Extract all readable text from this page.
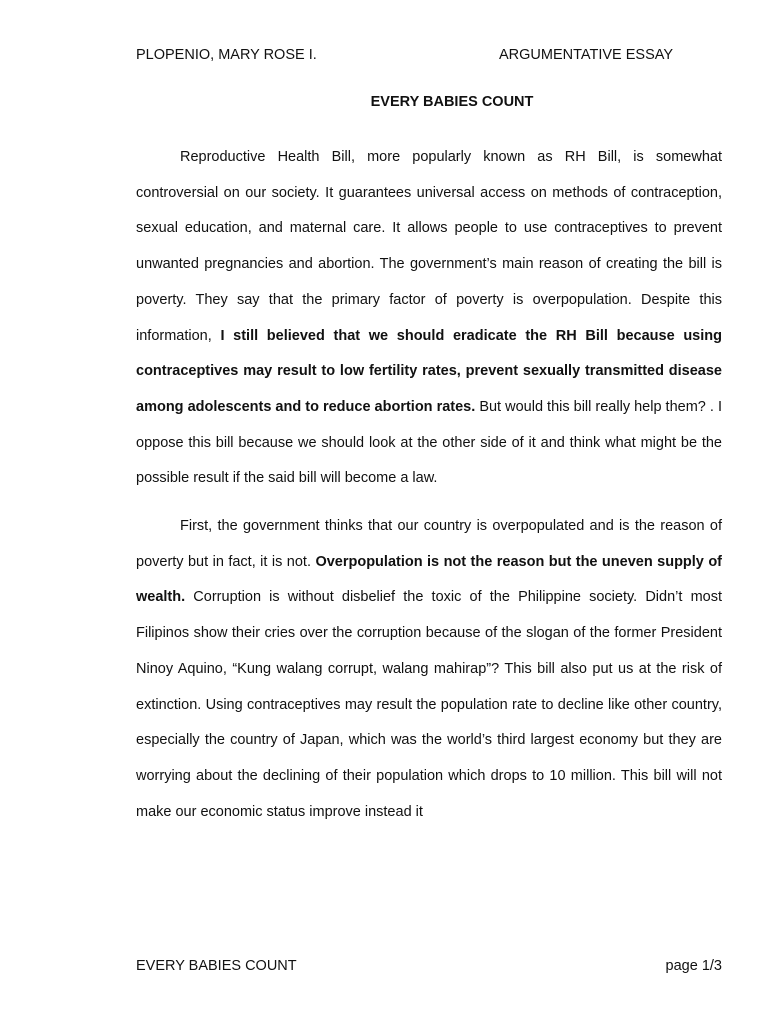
PLOPENIO, MARY ROSE I.	ARGUMENTATIVE ESSAY
EVERY BABIES COUNT

Reproductive Health Bill, more popularly known as RH Bill, is somewhat controversial on our society. It guarantees universal access on methods of contraception, sexual education, and maternal care. It allows people to use contraceptives to prevent unwanted pregnancies and abortion. The government’s main reason of creating the bill is poverty. They say that the primary factor of poverty is overpopulation. Despite this information, I still believed that we should eradicate the RH Bill because using contraceptives may result to low fertility rates, prevent sexually transmitted disease among adolescents and to reduce abortion rates. But would this bill really help them? . I oppose this bill because we should look at the other side of it and think what might be the possible result if the said bill will become a law.

First, the government thinks that our country is overpopulated and is the reason of poverty but in fact, it is not. Overpopulation is not the reason but the uneven supply of wealth. Corruption is without disbelief the toxic of the Philippine society. Didn’t most Filipinos show their cries over the corruption because of the slogan of the former President Ninoy Aquino, “Kung walang corrupt, walang mahirap”? This bill also put us at the risk of extinction. Using contraceptives may result the population rate to decline like other country, especially the country of Japan, which was the world’s third largest economy but they are worrying about the declining of their population which drops to 10 million. This bill will not make our economic status improve instead it

EVERY BABIES COUNT	page 1/3
